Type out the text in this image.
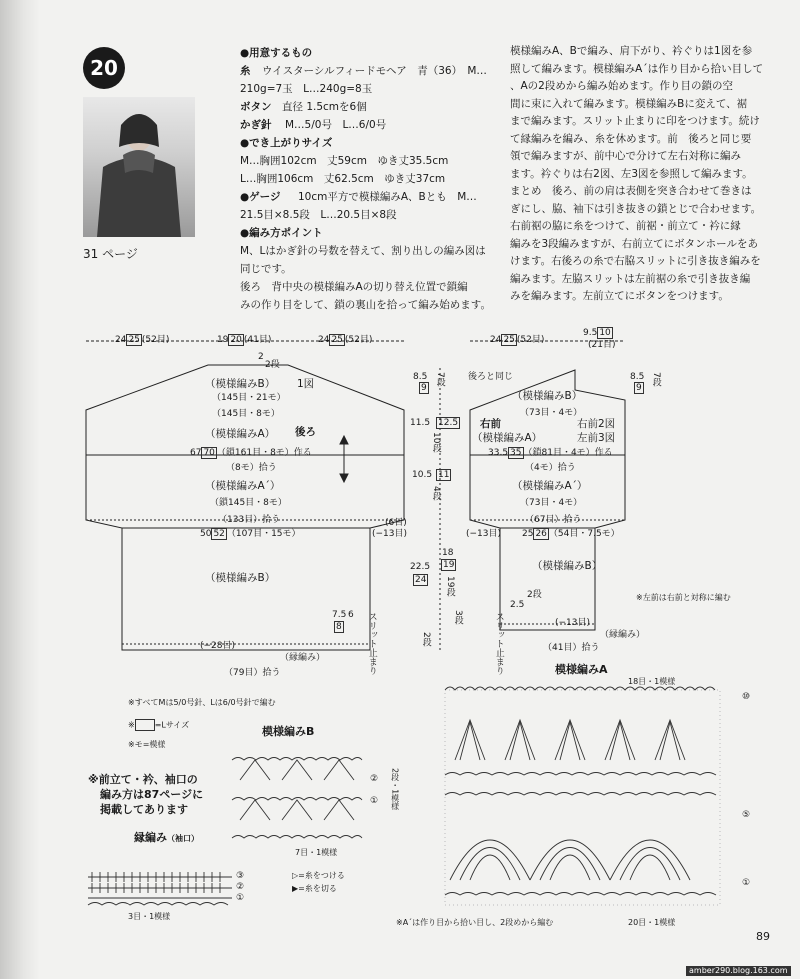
20
31 ページ
●用意するもの
糸 ウイスターシルフィードモヘア　青（36）　M…
210g=7玉　L…240g=8玉
ボタン 直径 1.5cmを6個
かぎ針 M…5/0号　L…6/0号
●でき上がりサイズ
M…胸囲102cm　丈59cm　ゆき丈35.5cm
L…胸囲106cm　丈62.5cm　ゆき丈37cm
●ゲージ 10cm平方で模様編みA、Bとも　M…
21.5目×8.5段　L…20.5目×8段
●編み方ポイント
M、Lはかぎ針の号数を替えて、割り出しの編み図は
同じです。
後ろ　背中央の模様編みAの切り替え位置で鎖編
みの作り目をして、鎖の裏山を拾って編み始めます。

模様編みA、Bで編み、肩下がり、衿ぐりは1図を参

照して編みます。模様編みA´は作り目から拾い目して

、Aの2段めから編み始めます。作り目の鎖の空

間に束に入れて編みます。模様編みBに変えて、裾

まで編みます。スリット止まりに印をつけます。続け

て縁編みを編み、糸を休めます。前　後ろと同じ要

領で編みますが、前中心で分けて左右対称に編み

ます。衿ぐりは右2図、左3図を参照して編みます。

まとめ　後ろ、前の肩は表側を突き合わせて巻きは

ぎにし、脇、袖下は引き抜きの鎖とじで合わせます。

右前裾の脇に糸をつけて、前裾・前立て・衿に縁

編みを3段編みますが、右前立てにボタンホールをあ

けます。右後ろの糸で右脇スリットに引き抜き編みを

編みます。左脇スリットは左前裾の糸で引き抜き編

みを編みます。左前立てにボタンをつけます。

24 25 (52目)	19 20 (41目)	24 25 (52目)
2
2段
（模様編みB） 1図
（145目・21モ）
（145目・8モ）
（模様編みA） 後ろ
67 70 （鎖161目・8モ）作る
（8モ）拾う
（模様編みA´）
（鎖145目・8モ）
（133目）拾う
50 52 （107目・15モ）
(6目)
(−13目)
（模様編みB）
7.5 6
8	スリット止まり
(−28目)
（縁編み）
（79目）拾う
8.5
9
7段
11.5 12.5
10段
10.5 11
4段
22.5
24
18
19
19段
3段
2段
24 25 (52目)
9.5 10
(21目)
後ろと同じ	8.5
9
7段
（模様編みB）
（73目・4モ）
右前	右前2図
（模様編みA）	左前3図
33.5 35 （鎖81目・4モ）作る
（4モ）拾う
（模様編みA´）
（73目・4モ）
（67目）拾う
(−13目) 25 26 （54目・7.5モ）
（模様編みB）
2.5
2段
スリット止まり	(−13目)
（縁編み）
（41目）拾う
※左前は右前と対称に編む
※すべてMは5/0号針、Lは6/0号針で編む
※	=Lサイズ
※モ=模様
※前立て・衿、袖口の
編み方は87ページに
掲載してあります
模様編みB
②
① 2段・1模様
7目・1模様
縁編み（袖口）
③
②
①
▷=糸をつける
▶=糸を切る
3目・1模様
模様編みA
18目・1模様
⑩
⑤
①
※A´は作り目から拾い目し、2段めから編む	20目・1模様
89
amber290.blog.163.com
